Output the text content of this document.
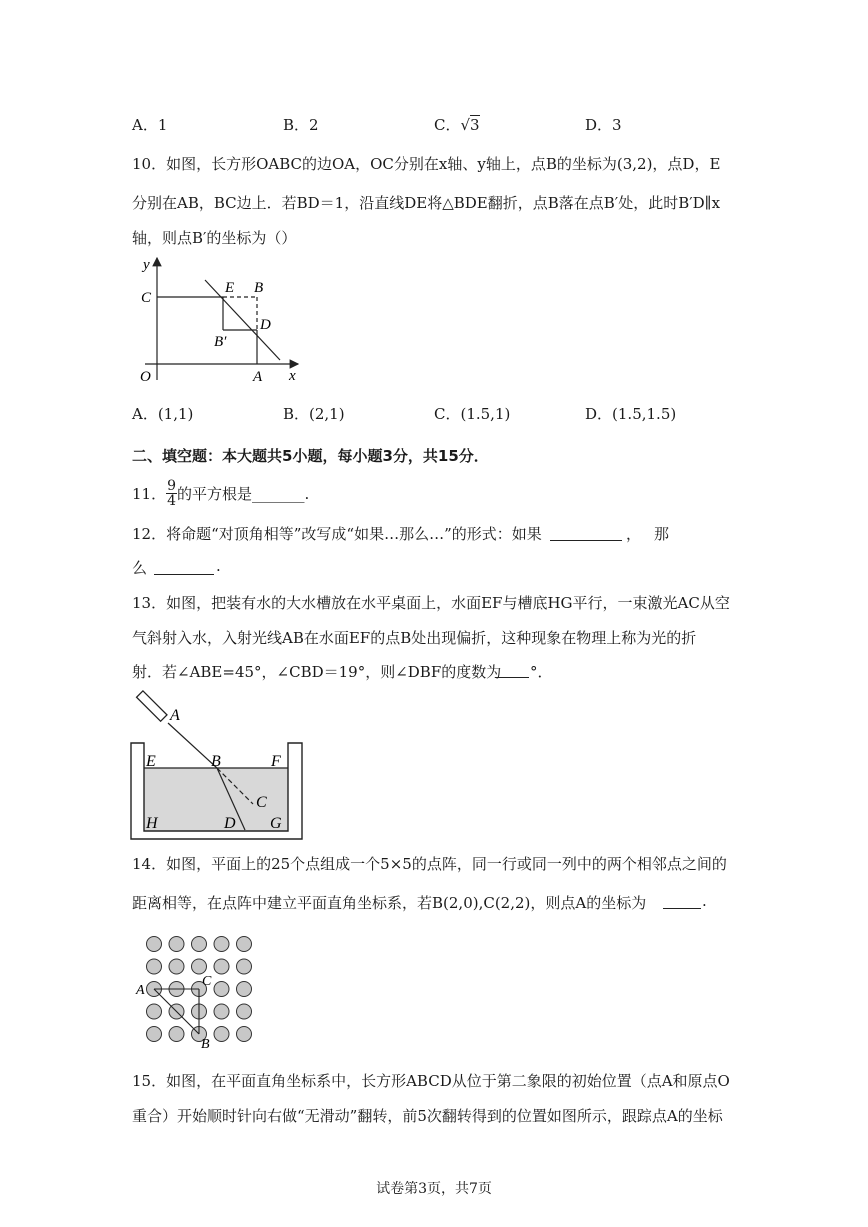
A．1	B．2	C．√3	D．3
10．如图，长方形OABC的边OA，OC分别在x轴、y轴上，点B的坐标为(3,2)，点D，E
分别在AB，BC边上．若BD＝1，沿直线DE将△BDE翻折，点B落在点B′处，此时B′D∥x
轴，则点B′的坐标为（）
y
x
C
E B
D
B′
O	A
A．(1,1)	B．(2,1)	C．(1.5,1)	D．(1.5,1.5)
二、填空题：本大题共5小题，每小题3分，共15分．
11． $\frac{9}{4}$ 的平方根是_______.
12．将命题“对顶角相等”改写成“如果…那么…”的形式：如果	， 那
么	.
13．如图，把装有水的大水槽放在水平桌面上，水面EF与槽底HG平行，一束激光AC从空
气斜射入水，入射光线AB在水面EF的点B处出现偏折，这种现象在物理上称为光的折
射．若∠ABE=45°，∠CBD＝19°，则∠DBF的度数为 °．
A
E	B	F
C
H	D G
14．如图，平面上的25个点组成一个5×5的点阵，同一行或同一列中的两个相邻点之间的
距离相等，在点阵中建立平面直角坐标系，若B(2,0),C(2,2)，则点A的坐标为	.
A
C
B
15．如图，在平面直角坐标系中，长方形ABCD从位于第二象限的初始位置（点A和原点O
重合）开始顺时针向右做“无滑动”翻转，前5次翻转得到的位置如图所示，跟踪点A的坐标
试卷第3页，共7页
